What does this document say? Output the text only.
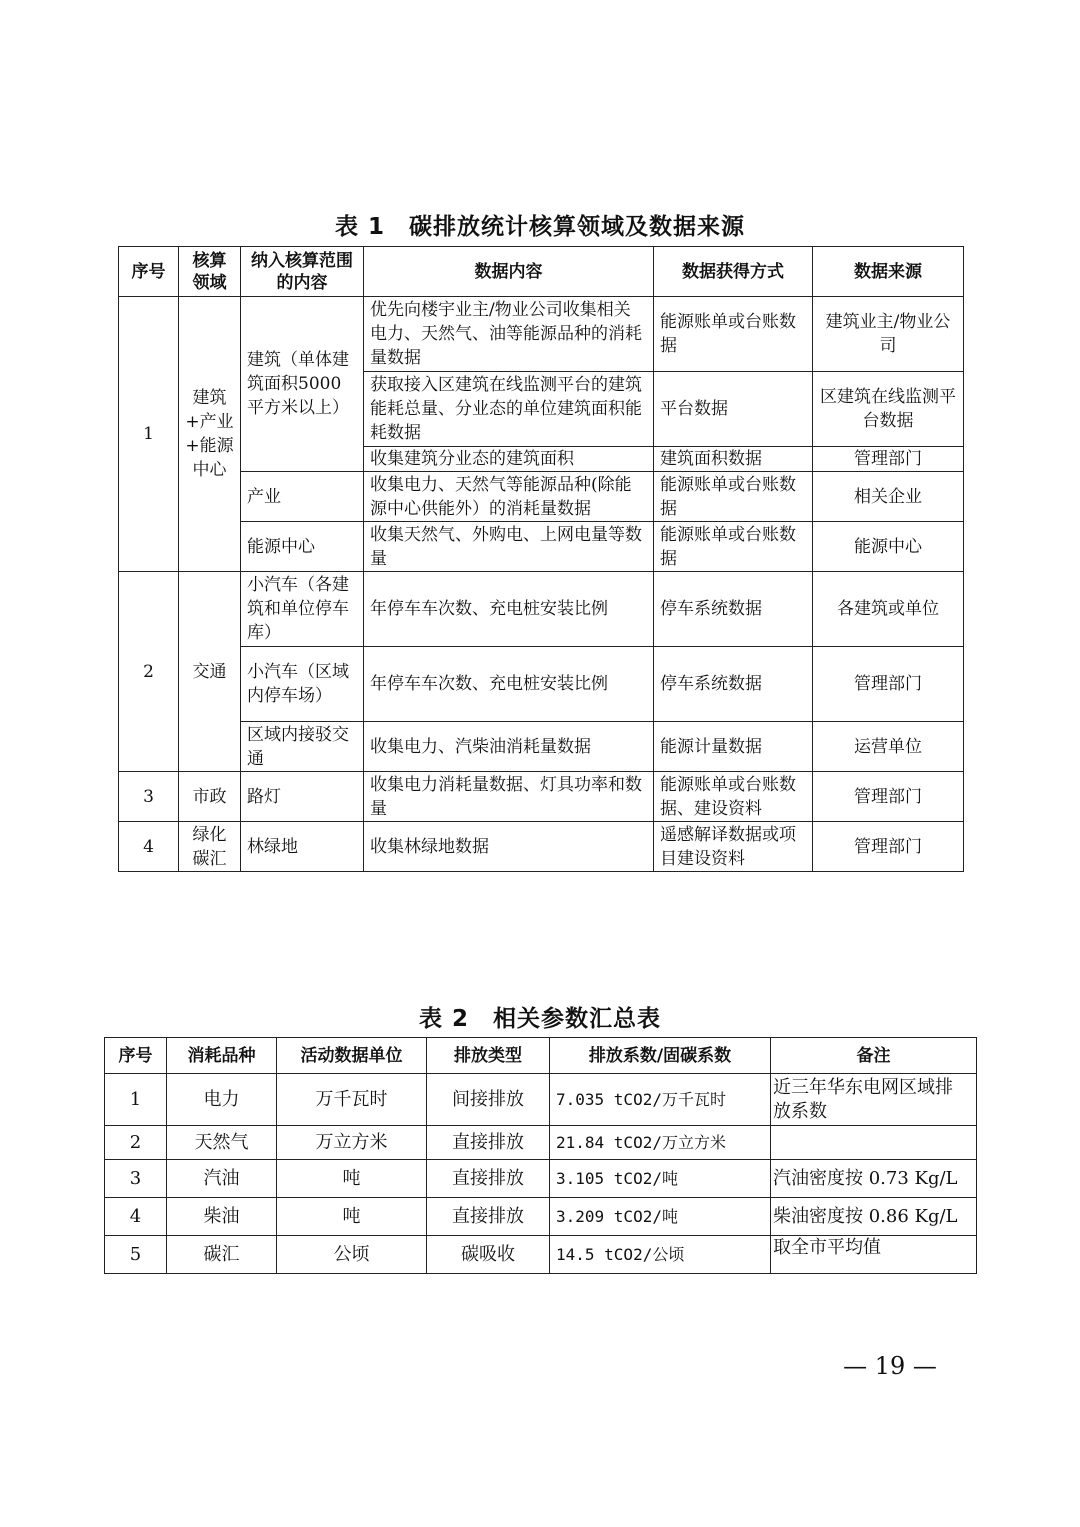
表 1　碳排放统计核算领域及数据来源
序号	核算领域	纳入核算范围的内容	数据内容	数据获得方式	数据来源
1	建筑+产业+能源中心	建筑（单体建筑面积5000平方米以上）	优先向楼宇业主/物业公司收集相关电力、天然气、油等能源品种的消耗量数据	能源账单或台账数据	建筑业主/物业公司
			获取接入区建筑在线监测平台的建筑能耗总量、分业态的单位建筑面积能耗数据	平台数据	区建筑在线监测平台数据
			收集建筑分业态的建筑面积	建筑面积数据	管理部门
		产业	收集电力、天然气等能源品种(除能源中心供能外）的消耗量数据	能源账单或台账数据	相关企业
		能源中心	收集天然气、外购电、上网电量等数量	能源账单或台账数据	能源中心
2	交通	小汽车（各建筑和单位停车库）	年停车车次数、充电桩安装比例	停车系统数据	各建筑或单位
		小汽车（区域内停车场）	年停车车次数、充电桩安装比例	停车系统数据	管理部门
		区域内接驳交通	收集电力、汽柴油消耗量数据	能源计量数据	运营单位
3	市政	路灯	收集电力消耗量数据、灯具功率和数量	能源账单或台账数据、建设资料	管理部门
4	绿化碳汇	林绿地	收集林绿地数据	遥感解译数据或项目建设资料	管理部门
表 2　相关参数汇总表
序号	消耗品种	活动数据单位	排放类型	排放系数/固碳系数	备注
1	电力	万千瓦时	间接排放	7.035 tCO2/万千瓦时	近三年华东电网区域排放系数
2	天然气	万立方米	直接排放	21.84 tCO2/万立方米	
3	汽油	吨	直接排放	3.105 tCO2/吨	汽油密度按 0.73 Kg/L
4	柴油	吨	直接排放	3.209 tCO2/吨	柴油密度按 0.86 Kg/L
5	碳汇	公顷	碳吸收	14.5 tCO2/公顷	取全市平均值
— 19 —
